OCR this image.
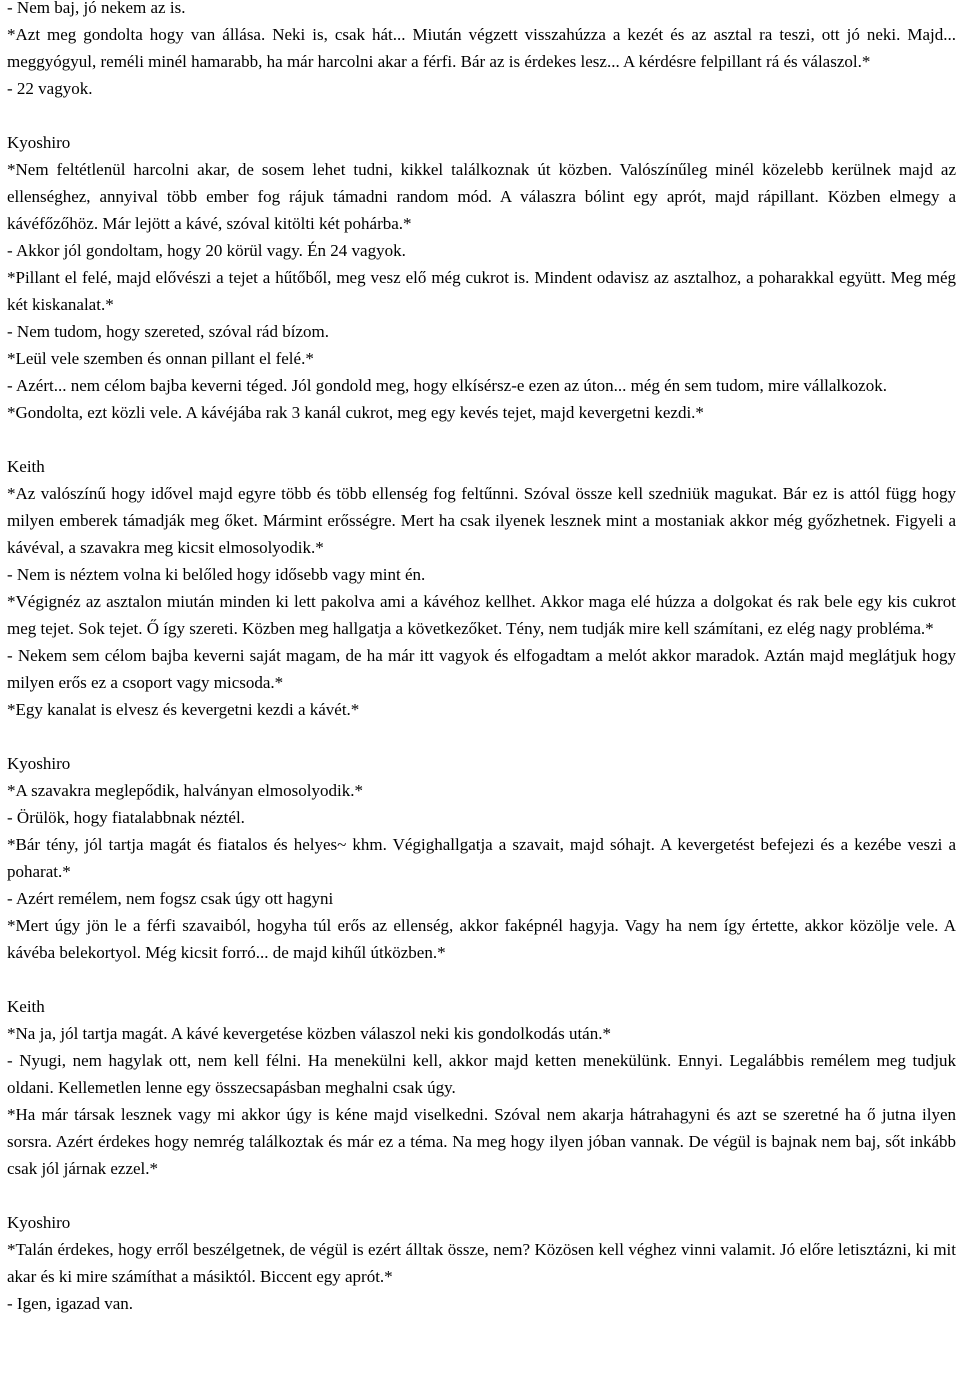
- Nem baj, jó nekem az is.

*Azt meg gondolta hogy van állása. Neki is, csak hát... Miután végzett visszahúzza a kezét és az asztal ra teszi, ott jó neki. Majd... meggyógyul, reméli minél hamarabb, ha már harcolni akar a férfi. Bár az is érdekes lesz... A kérdésre felpillant rá és válaszol.*

- 22 vagyok.

Kyoshiro

*Nem feltétlenül harcolni akar, de sosem lehet tudni, kikkel találkoznak út közben. Valószínűleg minél közelebb kerülnek majd az ellenséghez, annyival több ember fog rájuk támadni random mód. A válaszra bólint egy aprót, majd rápillant. Közben elmegy a kávéfőzőhöz. Már lejött a kávé, szóval kitölti két pohárba.*

- Akkor jól gondoltam, hogy 20 körül vagy. Én 24 vagyok.

*Pillant el felé, majd elővészi a tejet a hűtőből, meg vesz elő még cukrot is. Mindent odavisz az asztalhoz, a poharakkal együtt. Meg még két kiskanalat.*

- Nem tudom, hogy szereted, szóval rád bízom.

*Leül vele szemben és onnan pillant el felé.*

- Azért... nem célom bajba keverni téged. Jól gondold meg, hogy elkísérsz-e ezen az úton... még én sem tudom, mire vállalkozok.

*Gondolta, ezt közli vele. A kávéjába rak 3 kanál cukrot, meg egy kevés tejet, majd kevergetni kezdi.*

Keith

*Az valószínű hogy idővel majd egyre több és több ellenség fog feltűnni. Szóval össze kell szedniük magukat. Bár ez is attól függ hogy milyen emberek támadják meg őket. Mármint erősségre. Mert ha csak ilyenek lesznek mint a mostaniak akkor még győzhetnek. Figyeli a kávéval, a szavakra meg kicsit elmosolyodik.*

- Nem is néztem volna ki belőled hogy idősebb vagy mint én.

*Végignéz az asztalon miután minden ki lett pakolva ami a kávéhoz kellhet. Akkor maga elé húzza a dolgokat és rak bele egy kis cukrot meg tejet. Sok tejet. Ő így szereti. Közben meg hallgatja a következőket. Tény, nem tudják mire kell számítani, ez elég nagy probléma.*

- Nekem sem célom bajba keverni saját magam, de ha már itt vagyok és elfogadtam a melót akkor maradok. Aztán majd meglátjuk hogy milyen erős ez a csoport vagy micsoda.*

*Egy kanalat is elvesz és kevergetni kezdi a kávét.*

Kyoshiro

*A szavakra meglepődik, halványan elmosolyodik.*

- Örülök, hogy fiatalabbnak néztél.

*Bár tény, jól tartja magát és fiatalos és helyes~ khm. Végighallgatja a szavait, majd sóhajt. A kevergetést befejezi és a kezébe veszi a poharat.*

- Azért remélem, nem fogsz csak úgy ott hagyni

*Mert úgy jön le a férfi szavaiból, hogyha túl erős az ellenség, akkor faképnél hagyja. Vagy ha nem így értette, akkor közölje vele. A kávéba belekortyol. Még kicsit forró... de majd kihűl útközben.*

Keith

*Na ja, jól tartja magát. A kávé kevergetése közben válaszol neki kis gondolkodás után.*

- Nyugi, nem hagylak ott, nem kell félni. Ha menekülni kell, akkor majd ketten menekülünk. Ennyi. Legalábbis remélem meg tudjuk oldani. Kellemetlen lenne egy összecsapásban meghalni csak úgy.

*Ha már társak lesznek vagy mi akkor úgy is kéne majd viselkedni. Szóval nem akarja hátrahagyni és azt se szeretné ha ő jutna ilyen sorsra. Azért érdekes hogy nemrég találkoztak és már ez a téma. Na meg hogy ilyen jóban vannak. De végül is bajnak nem baj, sőt inkább csak jól járnak ezzel.*

Kyoshiro

*Talán érdekes, hogy erről beszélgetnek, de végül is ezért álltak össze, nem? Közösen kell véghez vinni valamit. Jó előre letisztázni, ki mit akar és ki mire számíthat a másiktól. Biccent egy aprót.*

- Igen, igazad van.
